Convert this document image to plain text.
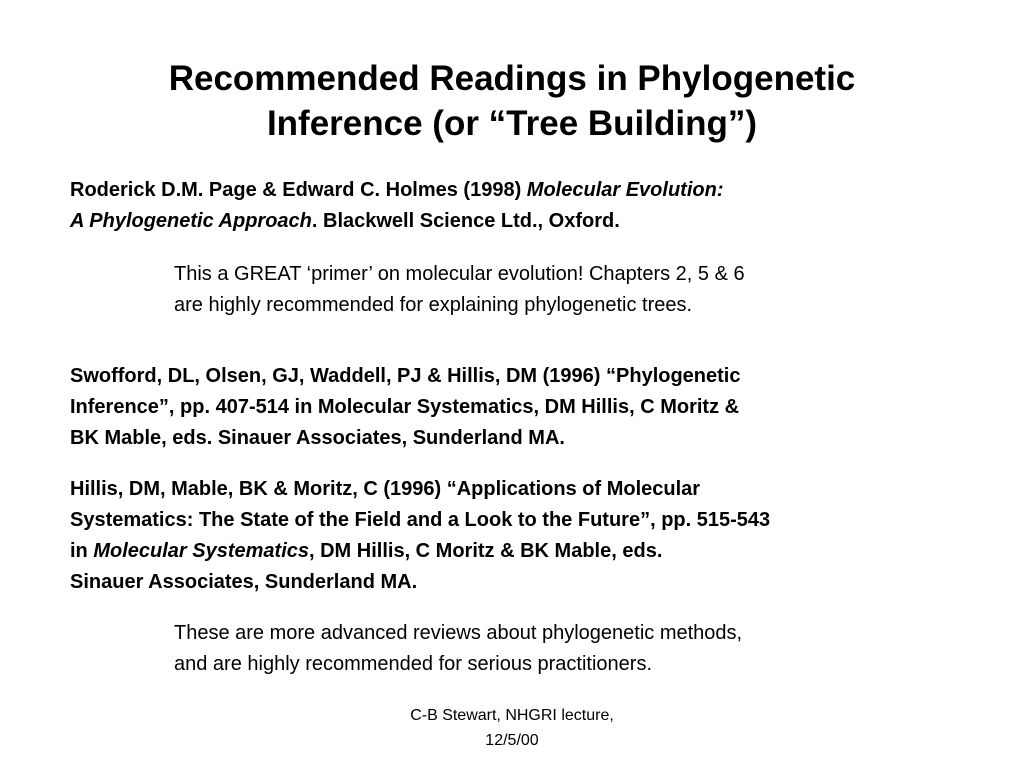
Recommended Readings in Phylogenetic
Inference (or “Tree Building”)
Roderick D.M. Page & Edward C. Holmes (1998) Molecular Evolution:
A Phylogenetic Approach. Blackwell Science Ltd., Oxford.
This a GREAT ‘primer’ on molecular evolution! Chapters 2, 5 & 6
are highly recommended for explaining phylogenetic trees.
Swofford, DL, Olsen, GJ, Waddell, PJ & Hillis, DM (1996) “Phylogenetic
Inference”, pp. 407-514 in Molecular Systematics, DM Hillis, C Moritz &
BK Mable, eds. Sinauer Associates, Sunderland MA.
Hillis, DM, Mable, BK & Moritz, C (1996) “Applications of Molecular
Systematics: The State of the Field and a Look to the Future”, pp. 515-543
in Molecular Systematics, DM Hillis, C Moritz & BK Mable, eds.
Sinauer Associates, Sunderland MA.
These are more advanced reviews about phylogenetic methods,
and are highly recommended for serious practitioners.
C-B Stewart, NHGRI lecture,
12/5/00
